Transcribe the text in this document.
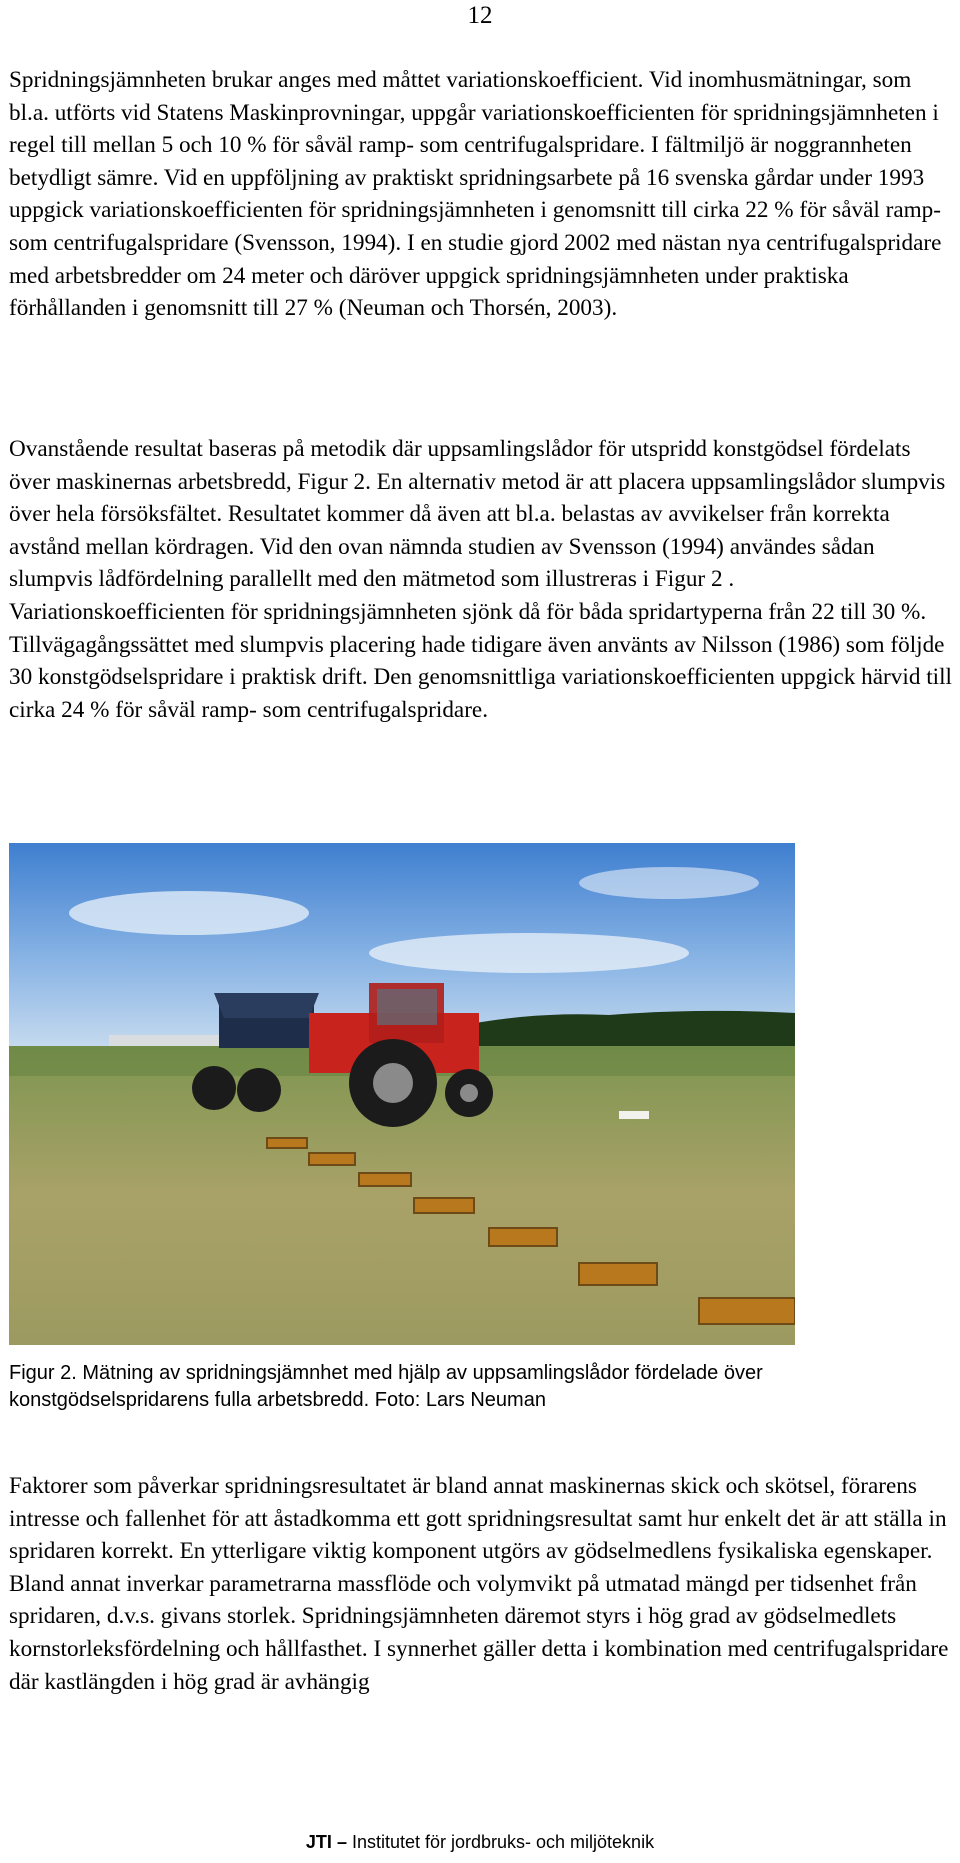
12

Spridningsjämnheten brukar anges med måttet variationskoefficient. Vid inomhusmätningar, som bl.a. utförts vid Statens Maskinprovningar, uppgår variationskoefficienten för spridningsjämnheten i regel till mellan 5 och 10 % för såväl ramp- som centrifugalspridare. I fältmiljö är noggrannheten betydligt sämre. Vid en uppföljning av praktiskt spridningsarbete på 16 svenska gårdar under 1993 uppgick variationskoefficienten för spridningsjämnheten i genomsnitt till cirka 22 % för såväl ramp- som centrifugalspridare (Svensson, 1994). I en studie gjord 2002 med nästan nya centrifugalspridare med arbetsbredder om 24 meter och däröver uppgick spridningsjämnheten under praktiska förhållanden i genomsnitt till 27 % (Neuman och Thorsén, 2003).

Ovanstående resultat baseras på metodik där uppsamlingslådor för utspridd konstgödsel fördelats över maskinernas arbetsbredd, Figur 2. En alternativ metod är att placera uppsamlingslådor slumpvis över hela försöksfältet. Resultatet kommer då även att bl.a. belastas av avvikelser från korrekta avstånd mellan kördragen. Vid den ovan nämnda studien av Svensson (1994) användes sådan slumpvis lådfördelning parallellt med den mätmetod som illustreras i Figur 2 . Variationskoefficienten för spridningsjämnheten sjönk då för båda spridartyperna från 22 till 30 %. Tillvägagångssättet med slumpvis placering hade tidigare även använts av Nilsson (1986) som följde 30 konstgödselspridare i praktisk drift. Den genomsnittliga variationskoefficienten uppgick härvid till cirka 24 % för såväl ramp- som centrifugalspridare.

Figur 2. Mätning av spridningsjämnhet med hjälp av uppsamlingslådor fördelade över konstgödselspridarens fulla arbetsbredd. Foto: Lars Neuman

Faktorer som påverkar spridningsresultatet är bland annat maskinernas skick och skötsel, förarens intresse och fallenhet för att åstadkomma ett gott spridningsresultat samt hur enkelt det är att ställa in spridaren korrekt. En ytterligare viktig komponent utgörs av gödselmedlens fysikaliska egenskaper. Bland annat inverkar parametrarna massflöde och volymvikt på utmatad mängd per tidsenhet från spridaren, d.v.s. givans storlek. Spridningsjämnheten däremot styrs i hög grad av gödselmedlets kornstorleksfördelning och hållfasthet. I synnerhet gäller detta i kombination med centrifugalspridare där kastlängden i hög grad är avhängig

JTI – Institutet för jordbruks- och miljöteknik
